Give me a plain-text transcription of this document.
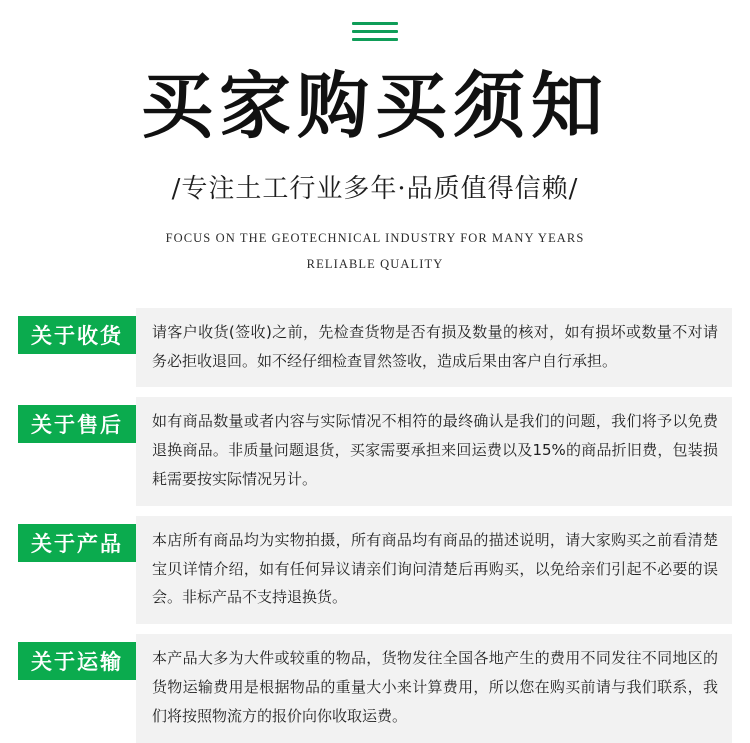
买家购买须知
/专注土工行业多年·品质值得信赖/
FOCUS ON THE GEOTECHNICAL INDUSTRY FOR MANY YEARS
RELIABLE QUALITY
关于收货	请客户收货(签收)之前，先检查货物是否有损及数量的核对，如有损坏或数量不对请务必拒收退回。如不经仔细检查冒然签收，造成后果由客户自行承担。
关于售后	如有商品数量或者内容与实际情况不相符的最终确认是我们的问题，我们将予以免费退换商品。非质量问题退货，买家需要承担来回运费以及15%的商品折旧费，包装损耗需要按实际情况另计。
关于产品	本店所有商品均为实物拍摄，所有商品均有商品的描述说明，请大家购买之前看清楚宝贝详情介绍，如有任何异议请亲们询问清楚后再购买，以免给亲们引起不必要的误会。非标产品不支持退换货。
关于运输	本产品大多为大件或较重的物品，货物发往全国各地产生的费用不同发往不同地区的货物运输费用是根据物品的重量大小来计算费用，所以您在购买前请与我们联系，我们将按照物流方的报价向你收取运费。
